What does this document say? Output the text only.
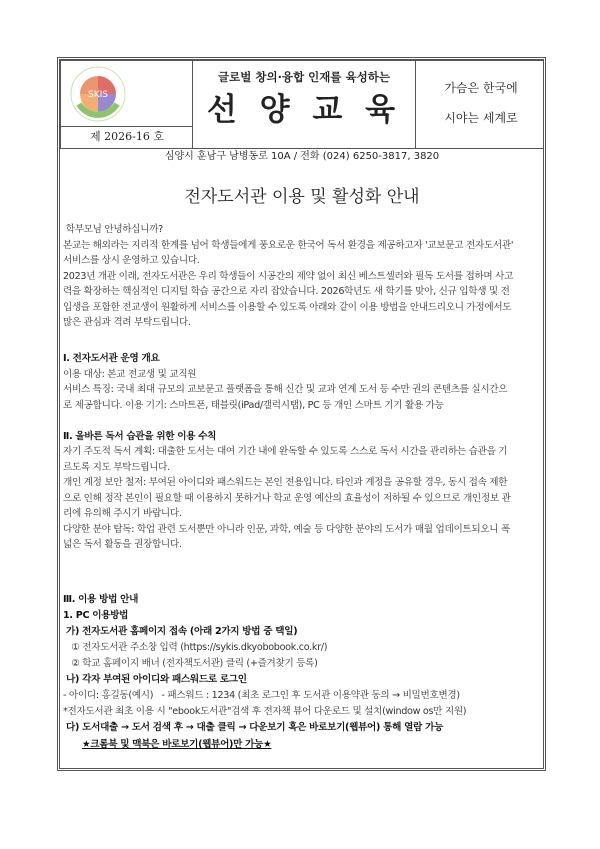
SKIS
제 2026-16 호
글로벌 창의·융합 인재를 육성하는
선 양 교 육
가슴은 한국에
시야는 세계로
심양시 훈남구 남병동로 10A / 전화 (024) 6250-3817, 3820
전자도서관 이용 및 활성화 안내
학부모님 안녕하십니까?
본교는 해외라는 지리적 한계를 넘어 학생들에게 풍요로운 한국어 독서 환경을 제공하고자 '교보문고 전자도서관'
서비스를 상시 운영하고 있습니다.
2023년 개관 이래, 전자도서관은 우리 학생들이 시공간의 제약 없이 최신 베스트셀러와 필독 도서를 접하며 사고
력을 확장하는 핵심적인 디지털 학습 공간으로 자리 잡았습니다. 2026학년도 새 학기를 맞아, 신규 입학생 및 전
입생을 포함한 전교생이 원활하게 서비스를 이용할 수 있도록 아래와 같이 이용 방법을 안내드리오니 가정에서도
많은 관심과 격려 부탁드립니다.
Ⅰ. 전자도서관 운영 개요
이용 대상: 본교 전교생 및 교직원
서비스 특징: 국내 최대 규모의 교보문고 플랫폼을 통해 신간 및 교과 연계 도서 등 수만 권의 콘텐츠를 실시간으
로 제공합니다. 이용 기기: 스마트폰, 태블릿(iPad/갤럭시탭), PC 등 개인 스마트 기기 활용 가능
Ⅱ. 올바른 독서 습관을 위한 이용 수칙
자기 주도적 독서 계획: 대출한 도서는 대여 기간 내에 완독할 수 있도록 스스로 독서 시간을 관리하는 습관을 기
르도록 지도 부탁드립니다.
개인 계정 보안 철저: 부여된 아이디와 패스워드는 본인 전용입니다. 타인과 계정을 공유할 경우, 동시 접속 제한
으로 인해 정작 본인이 필요할 때 이용하지 못하거나 학교 운영 예산의 효율성이 저하될 수 있으므로 개인정보 관
리에 유의해 주시기 바랍니다.
다양한 분야 탐독: 학업 관련 도서뿐만 아니라 인문, 과학, 예술 등 다양한 분야의 도서가 매월 업데이트되오니 폭
넓은 독서 활동을 권장합니다.
Ⅲ. 이용 방법 안내
1. PC 이용방법
가) 전자도서관 홈페이지 접속 (아래 2가지 방법 중 택일)
① 전자도서관 주소창 입력 (https://sykis.dkyobobook.co.kr/)
② 학교 홈페이지 배너 (전자책도서관) 클릭 (+즐겨찾기 등록)
나) 각자 부여된 아이디와 패스워드로 로그인
- 아이디: 홍길동(예시)   - 패스워드 : 1234 (최초 로그인 후 도서관 이용약관 동의 → 비밀번호변경)
*전자도서관 최초 이용 시 "ebook도서관"검색 후 전자책 뷰어 다운로드 및 설치(window os만 지원)
다) 도서대출 → 도서 검색 후 → 대출 클릭 → 다운보기 혹은 바로보기(웹뷰어) 통해 열람 가능
★크롬북 및 맥북은 바로보기(웹뷰어)만 가능★
